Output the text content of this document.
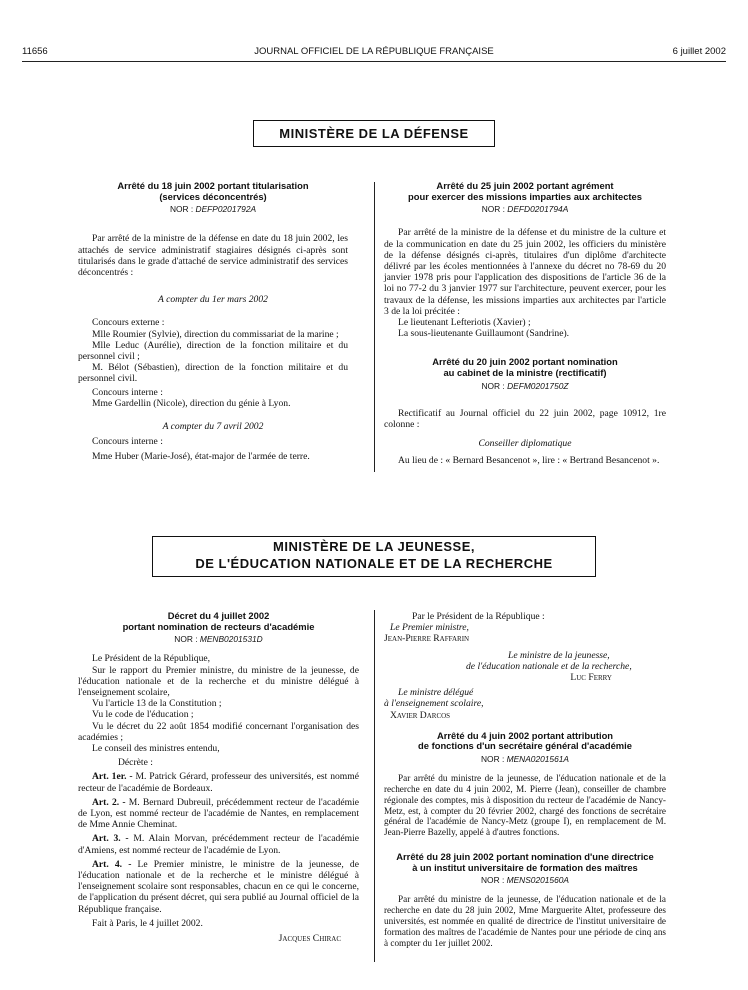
11656	JOURNAL OFFICIEL DE LA RÉPUBLIQUE FRANÇAISE	6 juillet 2002
MINISTÈRE DE LA DÉFENSE
Arrêté du 18 juin 2002 portant titularisation
(services déconcentrés)
NOR : DEFP0201792A

Par arrêté de la ministre de la défense en date du 18 juin 2002, les attachés de service administratif stagiaires désignés ci-après sont titularisés dans le grade d'attaché de service administratif des services déconcentrés :

A compter du 1er mars 2002

Concours externe :

Mlle Roumier (Sylvie), direction du commissariat de la marine ;

Mlle Leduc (Aurélie), direction de la fonction militaire et du personnel civil ;

M. Bélot (Sébastien), direction de la fonction militaire et du personnel civil.

Concours interne :

Mme Gardellin (Nicole), direction du génie à Lyon.

A compter du 7 avril 2002

Concours interne :

Mme Huber (Marie-José), état-major de l'armée de terre.

Arrêté du 25 juin 2002 portant agrément
pour exercer des missions imparties aux architectes
NOR : DEFD0201794A

Par arrêté de la ministre de la défense et du ministre de la culture et de la communication en date du 25 juin 2002, les officiers du ministère de la défense désignés ci-après, titulaires d'un diplôme d'architecte délivré par les écoles mentionnées à l'annexe du décret no 78-69 du 20 janvier 1978 pris pour l'application des dispositions de l'article 36 de la loi no 77-2 du 3 janvier 1977 sur l'architecture, peuvent exercer, pour les travaux de la défense, les missions imparties aux architectes par l'article 3 de la loi précitée :

Le lieutenant Lefteriotis (Xavier) ;

La sous-lieutenante Guillaumont (Sandrine).

Arrêté du 20 juin 2002 portant nomination
au cabinet de la ministre (rectificatif)
NOR : DEFM0201750Z

Rectificatif au Journal officiel du 22 juin 2002, page 10912, 1re colonne :

Conseiller diplomatique

Au lieu de : « Bernard Besancenot », lire : « Bertrand Besancenot ».

MINISTÈRE DE LA JEUNESSE,
DE L'ÉDUCATION NATIONALE ET DE LA RECHERCHE
Décret du 4 juillet 2002
portant nomination de recteurs d'académie
NOR : MENB0201531D

Le Président de la République,

Sur le rapport du Premier ministre, du ministre de la jeunesse, de l'éducation nationale et de la recherche et du ministre délégué à l'enseignement scolaire,

Vu l'article 13 de la Constitution ;

Vu le code de l'éducation ;

Vu le décret du 22 août 1854 modifié concernant l'organisation des académies ;

Le conseil des ministres entendu,

Décrète :

Art. 1er. - M. Patrick Gérard, professeur des universités, est nommé recteur de l'académie de Bordeaux.

Art. 2. - M. Bernard Dubreuil, précédemment recteur de l'académie de Lyon, est nommé recteur de l'académie de Nantes, en remplacement de Mme Annie Cheminat.

Art. 3. - M. Alain Morvan, précédemment recteur de l'académie d'Amiens, est nommé recteur de l'académie de Lyon.

Art. 4. - Le Premier ministre, le ministre de la jeunesse, de l'éducation nationale et de la recherche et le ministre délégué à l'enseignement scolaire sont responsables, chacun en ce qui le concerne, de l'application du présent décret, qui sera publié au Journal officiel de la République française.

Fait à Paris, le 4 juillet 2002.

Jacques Chirac

Par le Président de la République :

Le Premier ministre,
Jean-Pierre Raffarin
Le ministre de la jeunesse,
de l'éducation nationale et de la recherche,
Luc Ferry
Le ministre délégué
à l'enseignement scolaire,
Xavier Darcos
Arrêté du 4 juin 2002 portant attribution
de fonctions d'un secrétaire général d'académie
NOR : MENA0201561A

Par arrêté du ministre de la jeunesse, de l'éducation nationale et de la recherche en date du 4 juin 2002, M. Pierre (Jean), conseiller de chambre régionale des comptes, mis à disposition du recteur de l'académie de Nancy-Metz, est, à compter du 20 février 2002, chargé des fonctions de secrétaire général de l'académie de Nancy-Metz (groupe I), en remplacement de M. Jean-Pierre Bazelly, appelé à d'autres fonctions.

Arrêté du 28 juin 2002 portant nomination d'une directrice
à un institut universitaire de formation des maîtres
NOR : MENS0201560A

Par arrêté du ministre de la jeunesse, de l'éducation nationale et de la recherche en date du 28 juin 2002, Mme Marguerite Altet, professeure des universités, est nommée en qualité de directrice de l'institut universitaire de formation des maîtres de l'académie de Nantes pour une période de cinq ans à compter du 1er juillet 2002.
